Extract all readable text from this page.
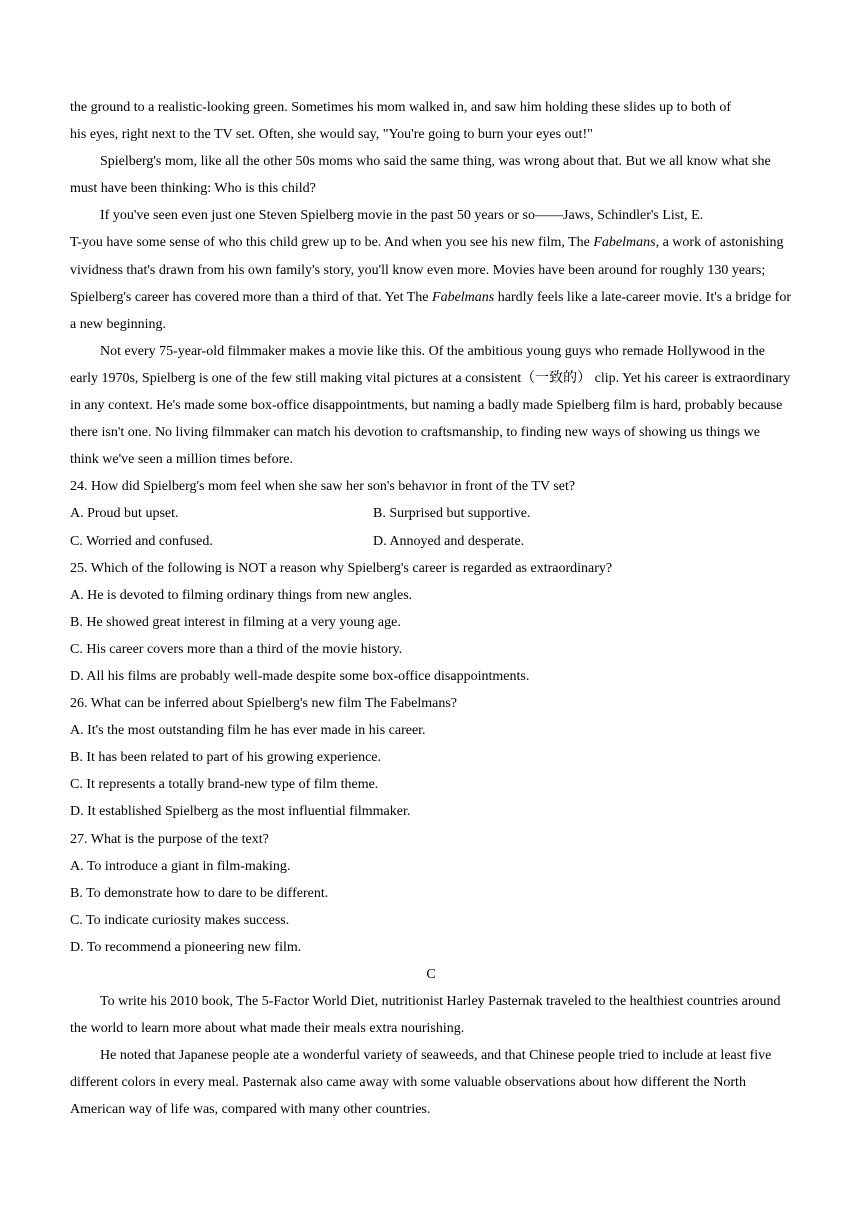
the ground to a realistic-looking green. Sometimes his mom walked in, and saw him holding these slides up to both of

his eyes, right next to the TV set. Often, she would say, "You're going to burn your eyes out!"

Spielberg's mom, like all the other 50s moms who said the same thing, was wrong about that. But we all know what she must have been thinking: Who is this child?

If you've seen even just one Steven Spielberg movie in the past 50 years or so——Jaws, Schindler's List, E.

T-you have some sense of who this child grew up to be. And when you see his new film, The Fabelmans, a work of astonishing vividness that's drawn from his own family's story, you'll know even more. Movies have been around for roughly 130 years; Spielberg's career has covered more than a third of that. Yet The Fabelmans hardly feels like a late-career movie. It's a bridge for a new beginning.

Not every 75-year-old filmmaker makes a movie like this. Of the ambitious young guys who remade Hollywood in the early 1970s, Spielberg is one of the few still making vital pictures at a consistent（一致的） clip. Yet his career is extraordinary in any context. He's made some box-office disappointments, but naming a badly made Spielberg film is hard, probably because there isn't one. No living filmmaker can match his devotion to craftsmanship, to finding new ways of showing us things we think we've seen a million times before.

24. How did Spielberg's mom feel when she saw her son's behavıor in front of the TV set?

A. Proud but upset.	B. Surprised but supportive.
C. Worried and confused.	D. Annoyed and desperate.

25. Which of the following is NOT a reason why Spielberg's career is regarded as extraordinary?

A. He is devoted to filming ordinary things from new angles.

B. He showed great interest in filming at a very young age.

C. His career covers more than a third of the movie history.

D. All his films are probably well-made despite some box-office disappointments.

26. What can be inferred about Spielberg's new film The Fabelmans?

A. It's the most outstanding film he has ever made in his career.

B. It has been related to part of his growing experience.

C. It represents a totally brand-new type of film theme.

D. It established Spielberg as the most influential filmmaker.

27. What is the purpose of the text?

A. To introduce a giant in film-making.

B. To demonstrate how to dare to be different.

C. To indicate curiosity makes success.

D. To recommend a pioneering new film.

C

To write his 2010 book, The 5-Factor World Diet, nutritionist Harley Pasternak traveled to the healthiest countries around the world to learn more about what made their meals extra nourishing.

He noted that Japanese people ate a wonderful variety of seaweeds, and that Chinese people tried to include at least five different colors in every meal. Pasternak also came away with some valuable observations about how different the North American way of life was, compared with many other countries.
